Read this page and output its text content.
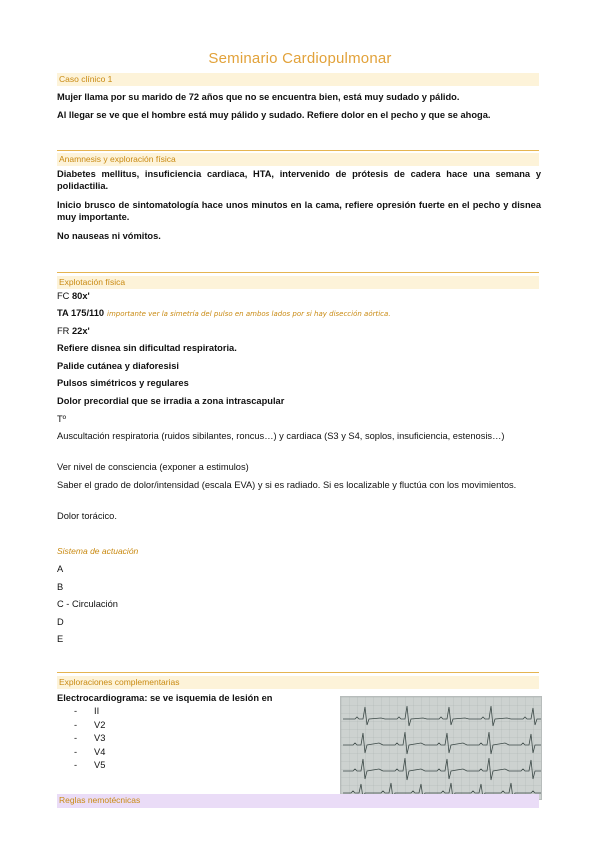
Seminario Cardiopulmonar
Caso clínico 1
Mujer llama por su marido de 72 años que no se encuentra bien, está muy sudado y pálido.
Al llegar se ve que el hombre está muy pálido y sudado. Refiere dolor en el pecho y que se ahoga.
Anamnesis y exploración física
Diabetes mellitus, insuficiencia cardiaca, HTA, intervenido de prótesis de cadera hace una semana y polidactilia.
Inicio brusco de sintomatología hace unos minutos en la cama, refiere opresión fuerte en el pecho y disnea muy importante.
No nauseas ni vómitos.
Explotación física
FC 80x'
TA 175/110 importante ver la simetría del pulso en ambos lados por si hay disección aórtica.
FR 22x'
Refiere disnea sin dificultad respiratoria.
Palide cutánea y diaforesisi
Pulsos simétricos y regulares
Dolor precordial que se irradia a zona intrascapular
Tº
Auscultación respiratoria (ruidos sibilantes, roncus…) y cardiaca (S3 y S4, soplos, insuficiencia, estenosis…)
Ver nivel de consciencia (exponer a estimulos)
Saber el grado de dolor/intensidad (escala EVA) y si es radiado. Si es localizable y fluctúa con los movimientos.
Dolor torácico.
Sistema de actuación
A
B
C - Circulación
D
E
Exploraciones complementarias
Electrocardiograma: se ve isquemia de lesión en
- II
- V2
- V3
- V4
- V5
Reglas nemotécnicas
